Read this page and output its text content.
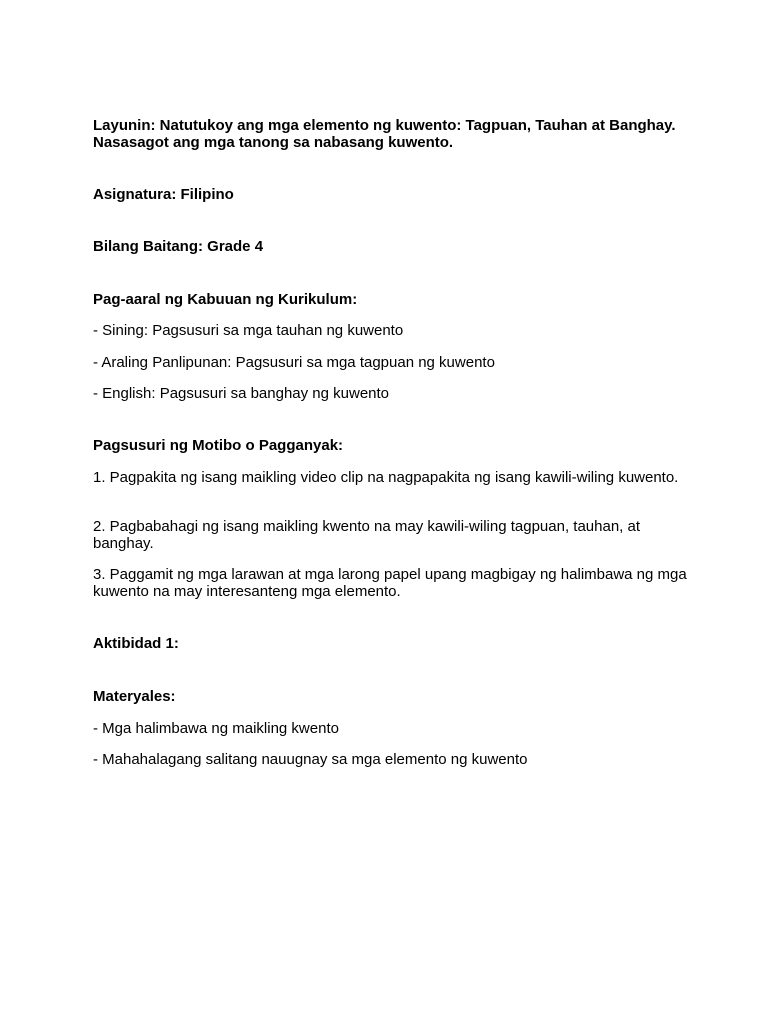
Layunin: Natutukoy ang mga elemento ng kuwento: Tagpuan, Tauhan at Banghay. Nasasagot ang mga tanong sa nabasang kuwento.

Asignatura: Filipino

Bilang Baitang: Grade 4

Pag-aaral ng Kabuuan ng Kurikulum:

- Sining: Pagsusuri sa mga tauhan ng kuwento

- Araling Panlipunan: Pagsusuri sa mga tagpuan ng kuwento

- English: Pagsusuri sa banghay ng kuwento

Pagsusuri ng Motibo o Pagganyak:

1. Pagpakita ng isang maikling video clip na nagpapakita ng isang kawili-wiling kuwento.

2. Pagbabahagi ng isang maikling kwento na may kawili-wiling tagpuan, tauhan, at banghay.

3. Paggamit ng mga larawan at mga larong papel upang magbigay ng halimbawa ng mga kuwento na may interesanteng mga elemento.

Aktibidad 1:

Materyales:

- Mga halimbawa ng maikling kwento

- Mahahalagang salitang nauugnay sa mga elemento ng kuwento
